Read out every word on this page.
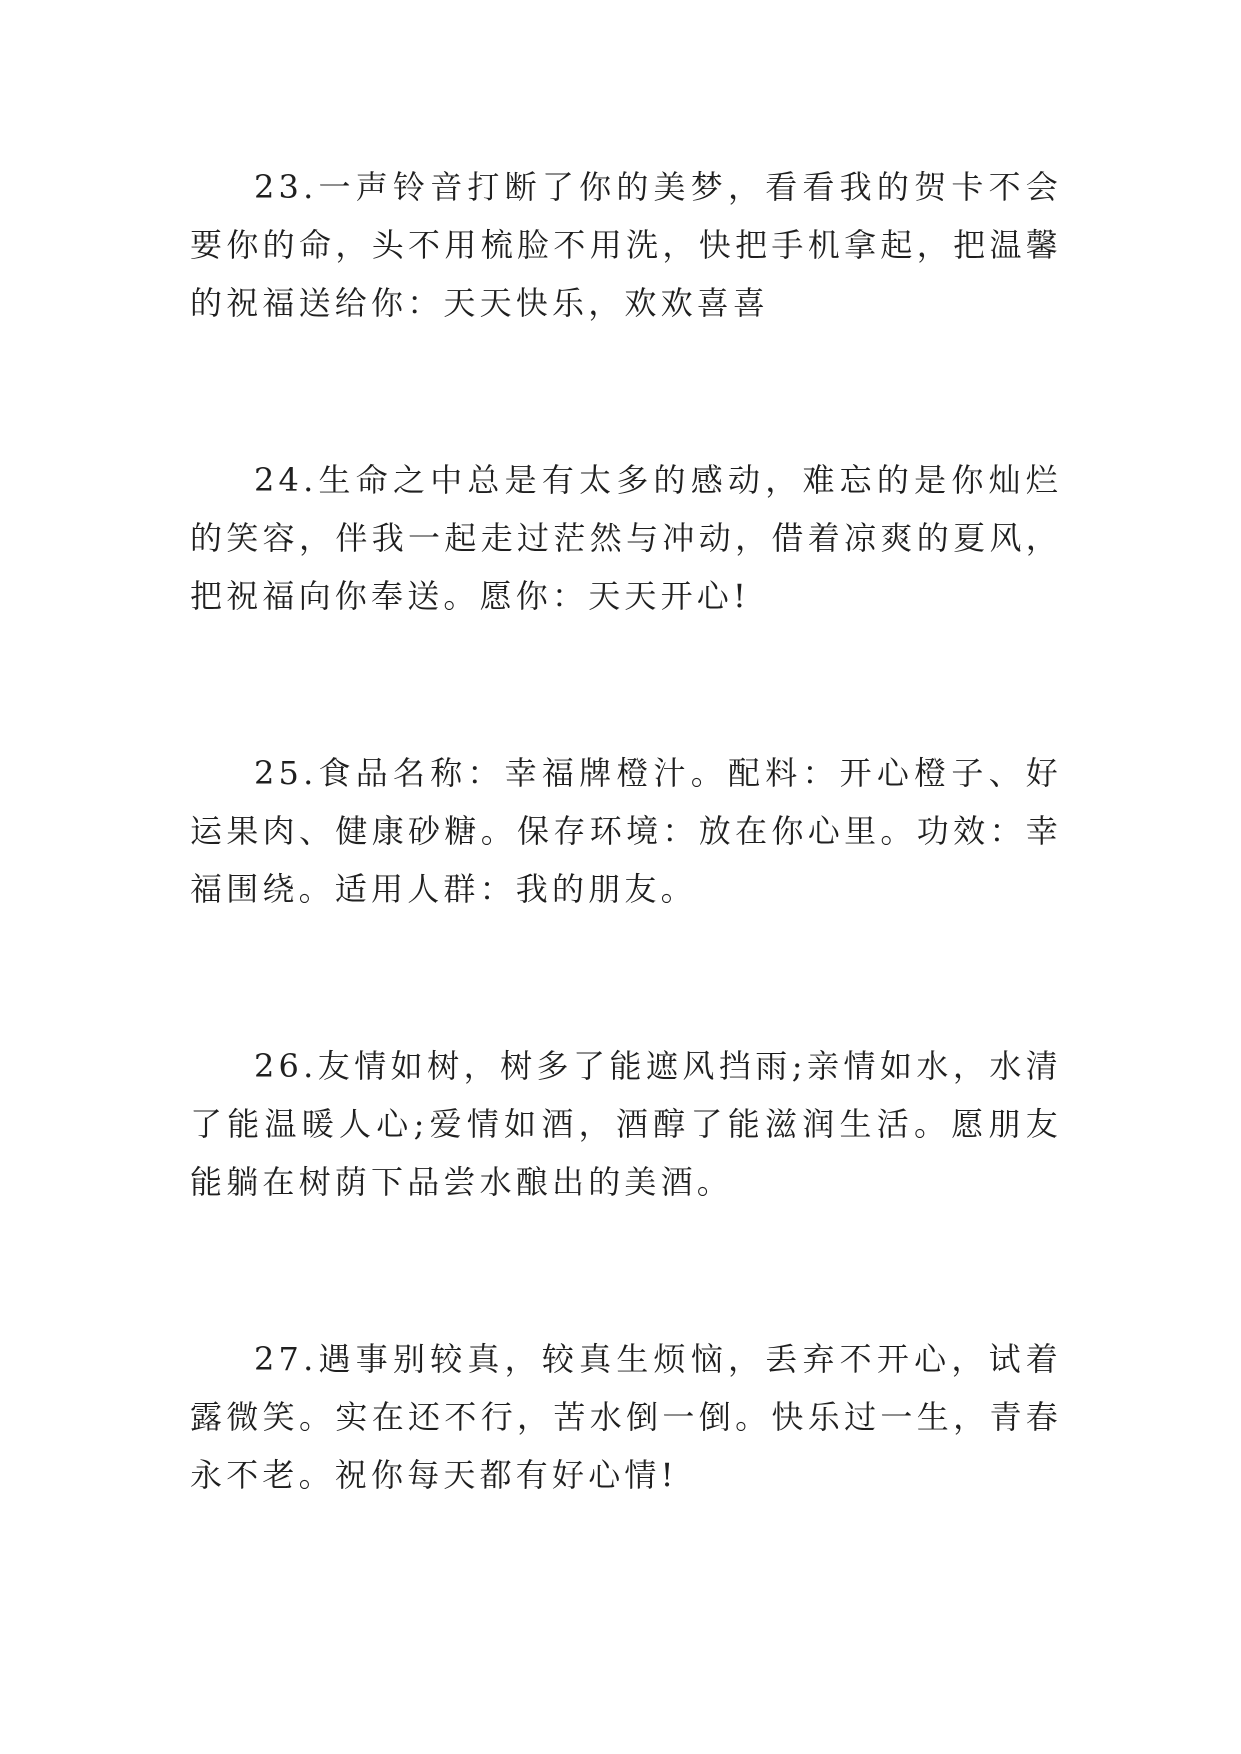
23.一声铃音打断了你的美梦，看看我的贺卡不会要你的命，头不用梳脸不用洗，快把手机拿起，把温馨的祝福送给你：天天快乐，欢欢喜喜

24.生命之中总是有太多的感动，难忘的是你灿烂的笑容，伴我一起走过茫然与冲动，借着凉爽的夏风，把祝福向你奉送。愿你：天天开心!

25.食品名称：幸福牌橙汁。配料：开心橙子、好运果肉、健康砂糖。保存环境：放在你心里。功效：幸福围绕。适用人群：我的朋友。

26.友情如树，树多了能遮风挡雨;亲情如水，水清了能温暖人心;爱情如酒，酒醇了能滋润生活。愿朋友能躺在树荫下品尝水酿出的美酒。

27.遇事别较真，较真生烦恼，丢弃不开心，试着露微笑。实在还不行，苦水倒一倒。快乐过一生，青春永不老。祝你每天都有好心情!
